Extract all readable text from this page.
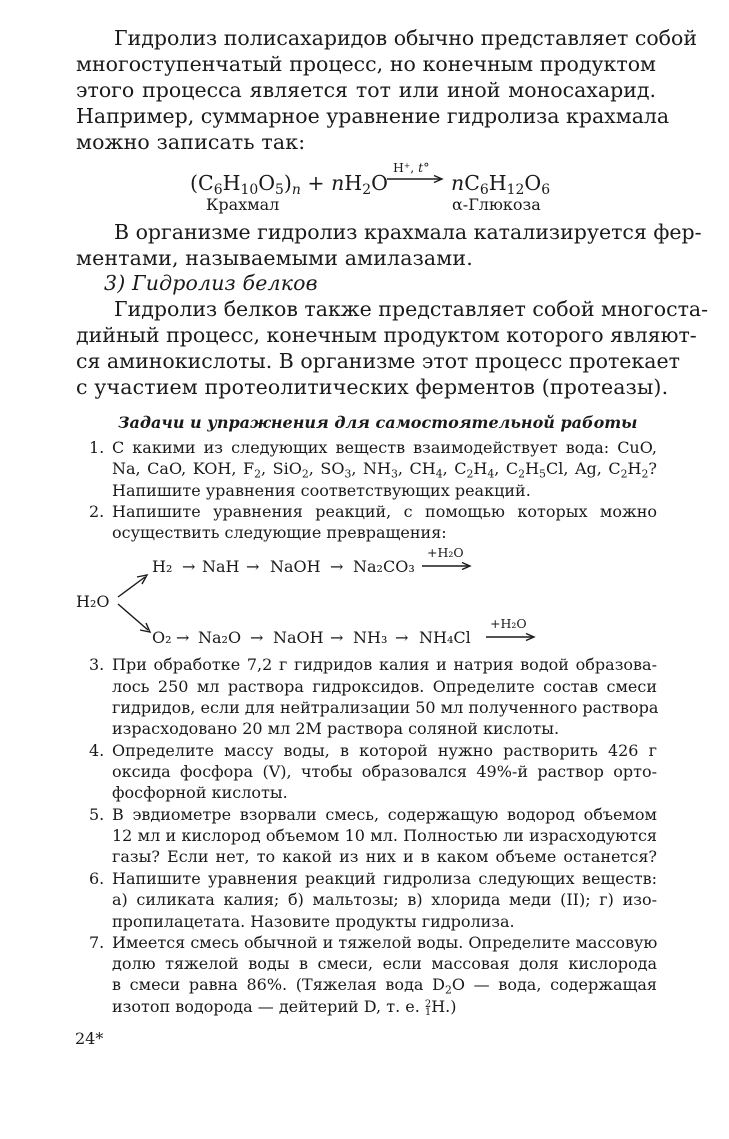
Гидролиз полисахаридов обычно представляет собой
многоступенчатый процесс, но конечным продуктом
этого процесса является тот или иной моносахарид.
Например, суммарное уравнение гидролиза крахмала
можно записать так:
$(C_6H_{10}O_5)_n + nH_2O$
H+, t°
$nC_6H_{12}O_6$
Крахмал	α-Глюкоза
В организме гидролиз крахмала катализируется фер-
ментами, называемыми амилазами.
3) Гидролиз белков
Гидролиз белков также представляет собой многоста-
дийный процесс, конечным продуктом которого являют-
ся аминокислоты. В организме этот процесс протекает
с участием протеолитических ферментов (протеазы).
Задачи и упражнения для самостоятельной работы
1. С какими из следующих веществ взаимодействует вода: CuO,
Na, CaO, KOH, $F_2$, SiO$_2$, $SO_3$, $NH_3$, $CH_4$, $C_2H_4$, $C_2H_5Cl$, Ag, $C_2H_2$?
Напишите уравнения соответствующих реакций.
2. Напишите уравнения реакций, с помощью которых можно
осуществить следующие превращения:
H₂O
H₂ → NaH → NaOH → Na₂CO₃
+H₂O
O₂ → Na₂O → NaOH → NH₃ → NH₄Cl
+H₂O
3. При обработке 7,2 г гидридов калия и натрия водой образова-
лось 250 мл раствора гидроксидов. Определите состав смеси
гидридов, если для нейтрализации 50 мл полученного раствора
израсходовано 20 мл 2М раствора соляной кислоты.
4. Определите массу воды, в которой нужно растворить 426 г
оксида фосфора (V), чтобы образовался 49%-й раствор орто-
фосфорной кислоты.
5. В эвдиометре взорвали смесь, содержащую водород объемом
12 мл и кислород объемом 10 мл. Полностью ли израсходуются
газы? Если нет, то какой из них и в каком объеме останется?
6. Напишите уравнения реакций гидролиза следующих веществ:
а) силиката калия; б) мальтозы; в) хлорида меди (II); г) изо-
пропилацетата. Назовите продукты гидролиза.
7. Имеется смесь обычной и тяжелой воды. Определите массовую
долю тяжелой воды в смеси, если массовая доля кислорода
в смеси равна 86%. (Тяжелая вода $D_2O$ — вода, содержащая
изотоп водорода — дейтерий D, т. е. 2
1H.)
24*
